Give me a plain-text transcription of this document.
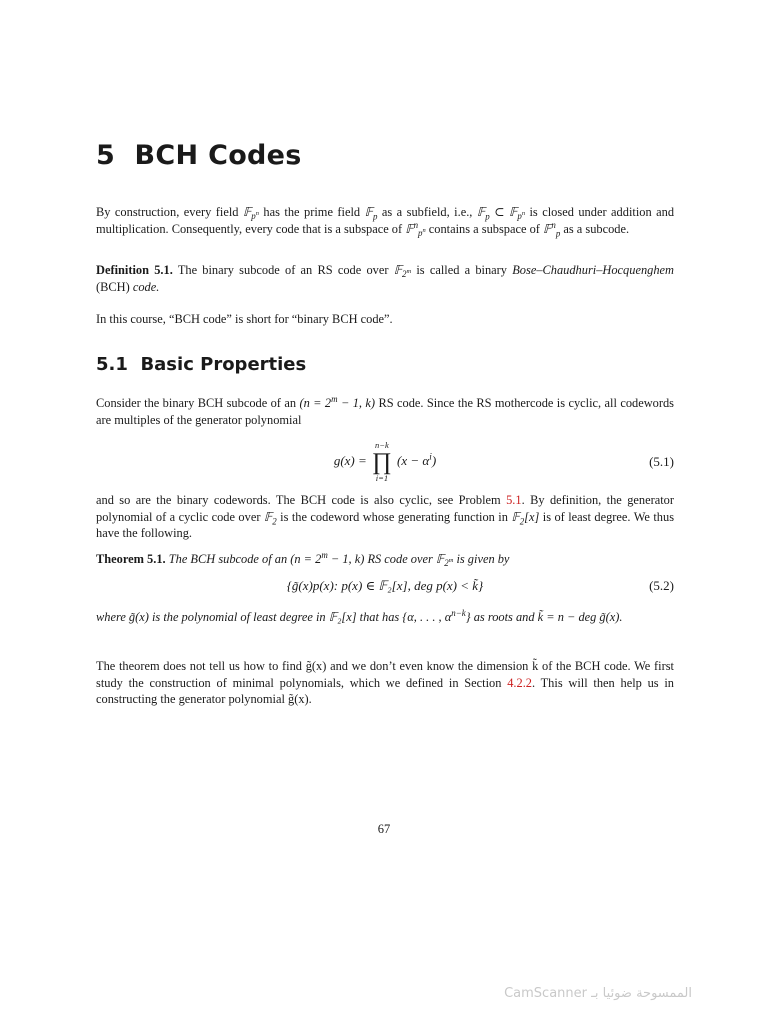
5 BCH Codes

By construction, every field 𝔽$_{p^n}$ has the prime field 𝔽$_p$ as a subfield, i.e., 𝔽$_p$ ⊂ 𝔽$_{p^n}$ is closed under addition and multiplication. Consequently, every code that is a subspace of 𝔽$^n_{p^n}$ contains a subspace of 𝔽$^n_p$ as a subcode.

Definition 5.1. The binary subcode of an RS code over 𝔽$_{2^m}$ is called a binary Bose–Chaudhuri–Hocquenghem (BCH) code.

In this course, “BCH code” is short for “binary BCH code”.

5.1 Basic Properties

Consider the binary BCH subcode of an ($n = 2^m - 1$, k) RS code. Since the RS mothercode is cyclic, all codewords are multiples of the generator polynomial

g(x) =
n−k
∏
i=1
$(x - \alpha^i)$	(5.1)

and so are the binary codewords. The BCH code is also cyclic, see Problem 5.1. By definition, the generator polynomial of a cyclic code over 𝔽$_2$ is the codeword whose generating function in 𝔽$_2$[x] is of least degree. We thus have the following.

Theorem 5.1. The BCH subcode of an ($n = 2^m - 1$, k) RS code over 𝔽$_{2^m}$ is given by

{g̃(x)p(x): p(x) ∈ 𝔽₂[x], deg p(x) < k̃}	(5.2)

where g̃(x) is the polynomial of least degree in 𝔽₂[x] that has {α, . . . , $\alpha^{n-k}$} as roots and k̃ = n − deg g̃(x).

The theorem does not tell us how to find g̃(x) and we don’t even know the dimension k̃ of the BCH code. We first study the construction of minimal polynomials, which we defined in Section 4.2.2. This will then help us in constructing the generator polynomial g̃(x).

67
CamScanner الممسوحة ضوئيا بـ
